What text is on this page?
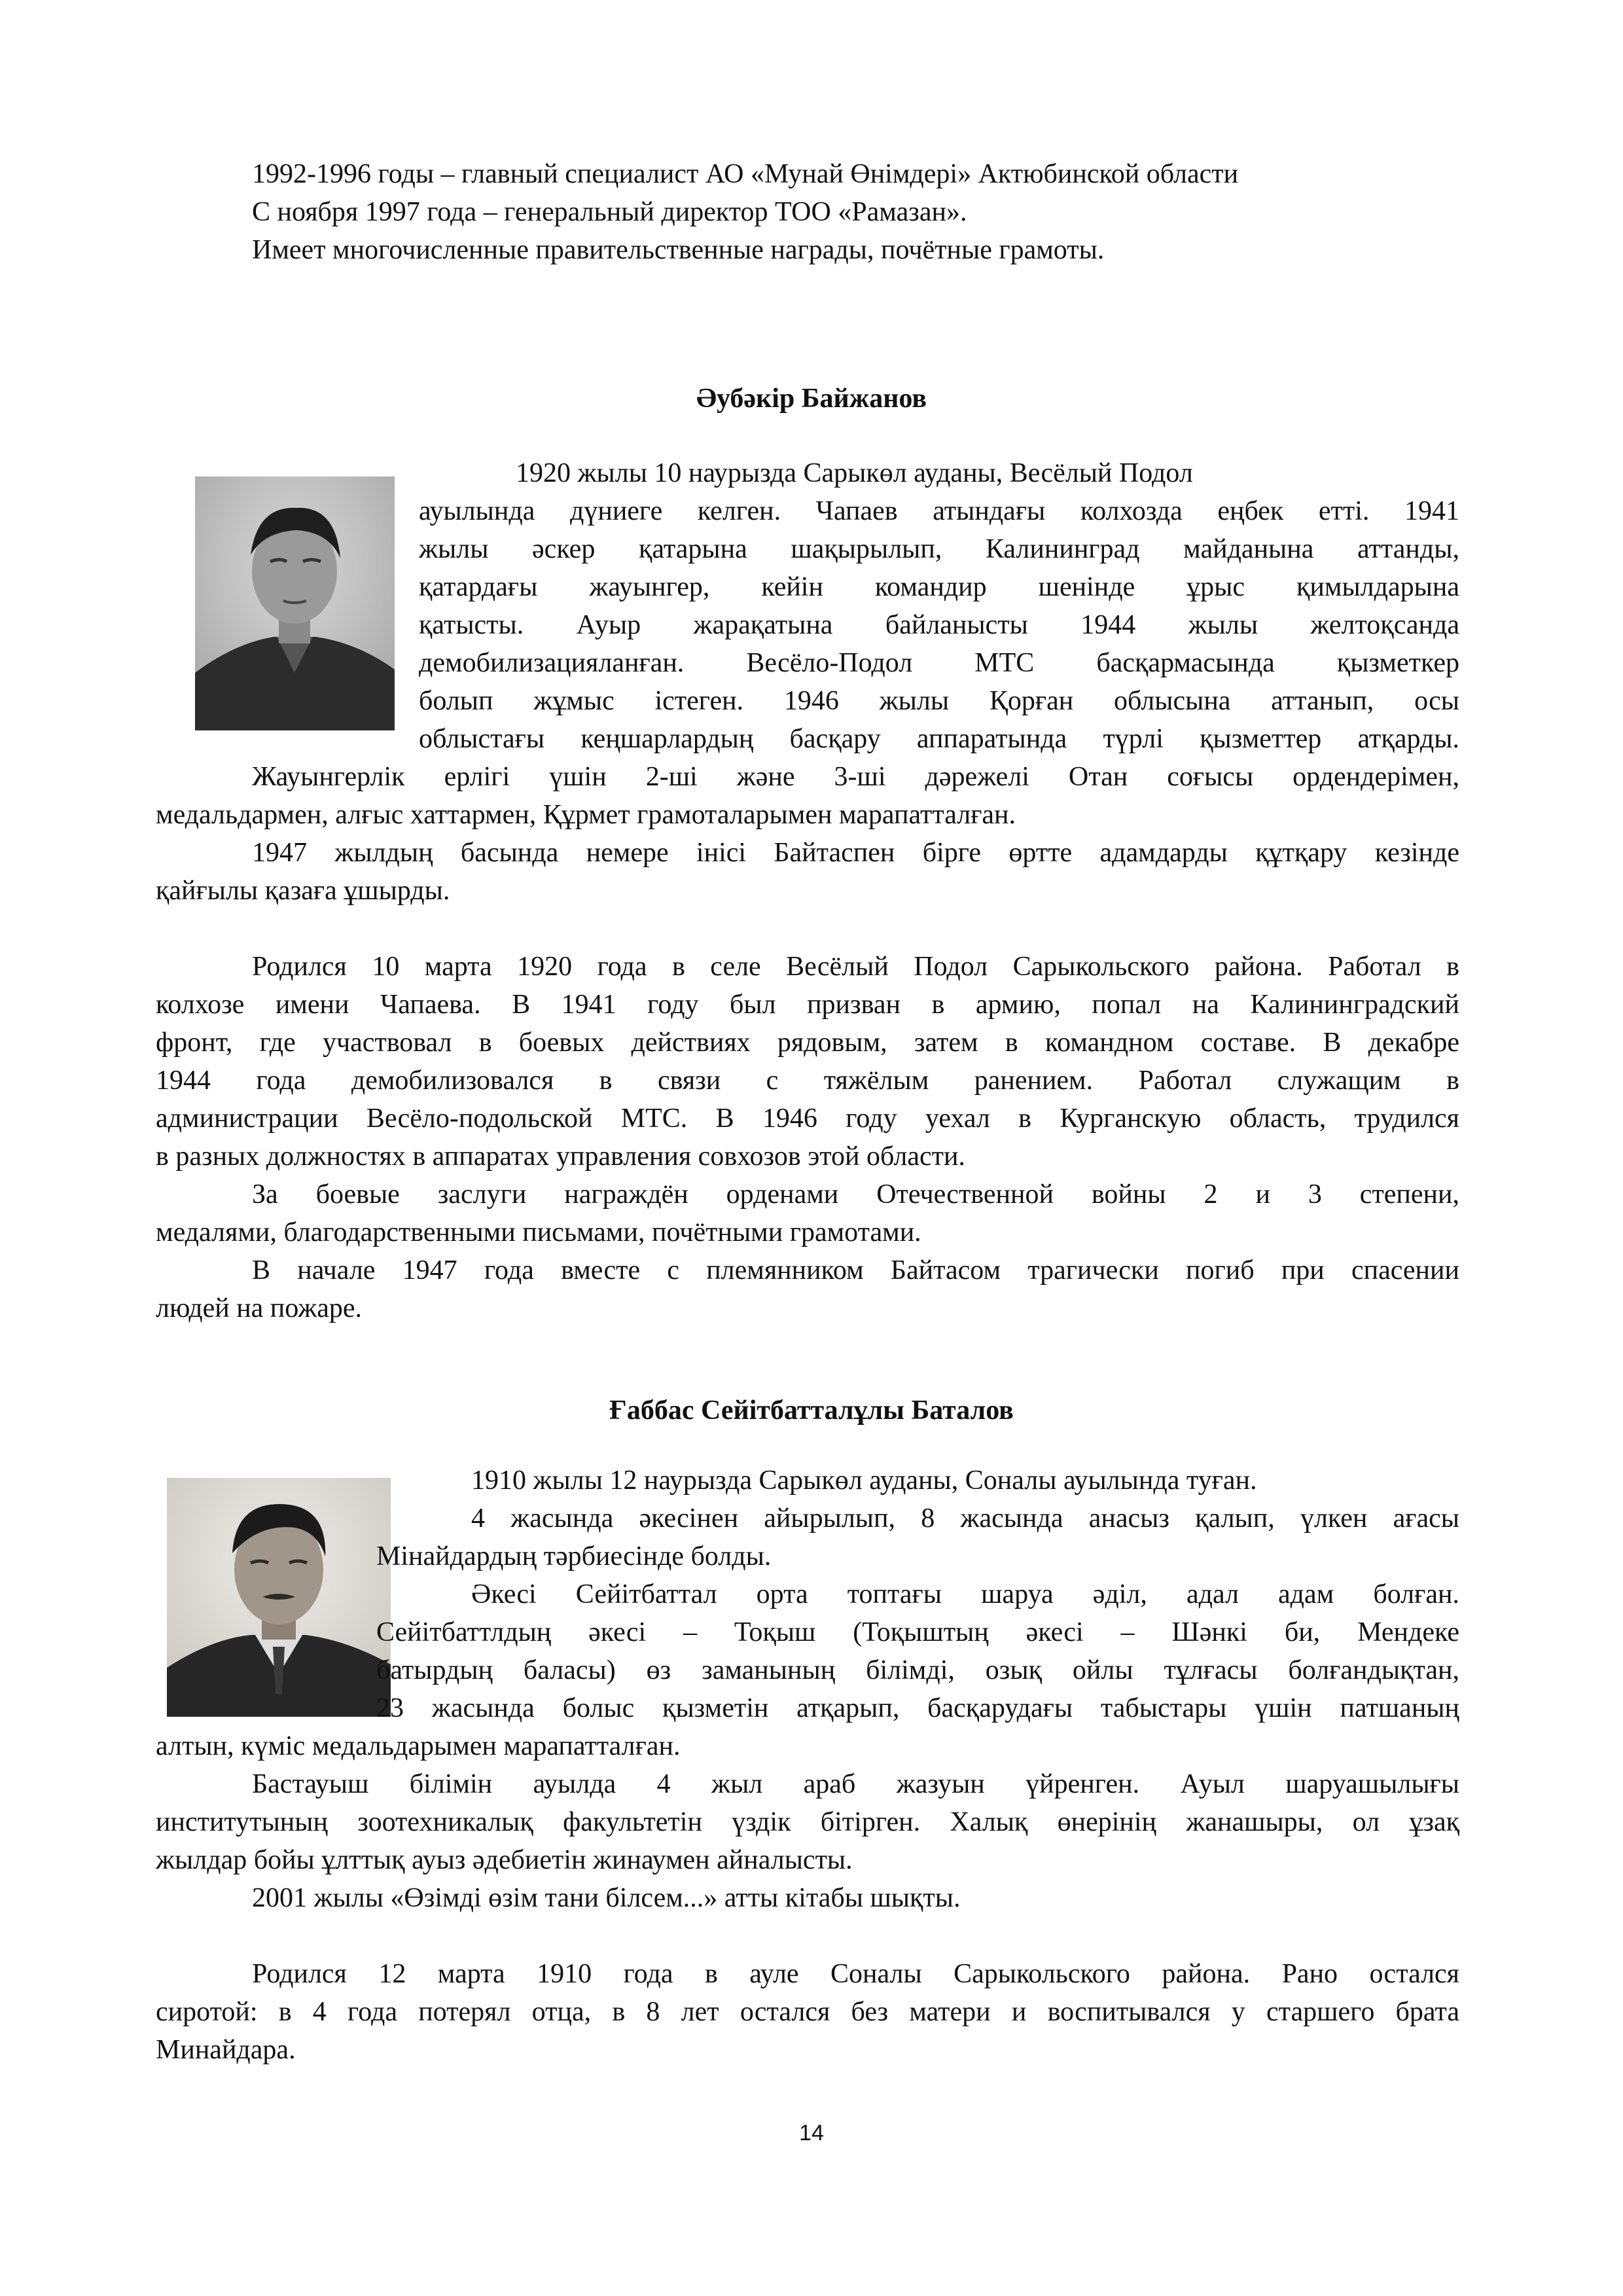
1992-1996 годы – главный специалист АО «Мунай Өнімдері» Актюбинской области
С ноября 1997 года – генеральный директор ТОО «Рамазан».
Имеет многочисленные правительственные награды, почётные грамоты.
Әубәкір Байжанов
1920 жылы 10 наурызда Сарыкөл ауданы, Весёлый Подол
ауылында дүниеге келген. Чапаев атындағы колхозда еңбек етті. 1941
жылы әскер қатарына шақырылып, Калининград майданына аттанды,
қатардағы жауынгер, кейін командир шенінде ұрыс қимылдарына
қатысты. Ауыр жарақатына байланысты 1944 жылы желтоқсанда
демобилизацияланған. Весёло-Подол МТС басқармасында қызметкер
болып жұмыс істеген. 1946 жылы Қорған облысына аттанып, осы
облыстағы кеңшарлардың басқару аппаратында түрлі қызметтер атқарды.
Жауынгерлік ерлігі үшін 2-ші және 3-ші дәрежелі Отан соғысы ордендерімен,
медальдармен, алғыс хаттармен, Құрмет грамоталарымен марапатталған.
1947 жылдың басында немере інісі Байтаспен бірге өртте адамдарды құтқару кезінде
қайғылы қазаға ұшырды.
Родился 10 марта 1920 года в селе Весёлый Подол Сарыкольского района. Работал в
колхозе имени Чапаева. В 1941 году был призван в армию, попал на Калининградский
фронт, где участвовал в боевых действиях рядовым, затем в командном составе. В декабре
1944 года демобилизовался в связи с тяжёлым ранением. Работал служащим в
администрации Весёло-подольской МТС. В 1946 году уехал в Курганскую область, трудился
в разных должностях в аппаратах управления совхозов этой области.
За боевые заслуги награждён орденами Отечественной войны 2 и 3 степени,
медалями, благодарственными письмами, почётными грамотами.
В начале 1947 года вместе с племянником Байтасом трагически погиб при спасении
людей на пожаре.
Ғаббас Сейітбатталұлы Баталов
1910 жылы 12 наурызда Сарыкөл ауданы, Соналы ауылында туған.
4 жасында әкесінен айырылып, 8 жасында анасыз қалып, үлкен ағасы
Мінайдардың тәрбиесінде болды.
Әкесі Сейітбаттал орта топтағы шаруа әділ, адал адам болған.
Сейітбаттлдың әкесі – Тоқыш (Тоқыштың әкесі – Шәнкі би, Мендеке
батырдың баласы) өз заманының білімді, озық ойлы тұлғасы болғандықтан,
23 жасында болыс қызметін атқарып, басқарудағы табыстары үшін патшаның
алтын, күміс медальдарымен марапатталған.
Бастауыш білімін ауылда 4 жыл араб жазуын үйренген. Ауыл шаруашылығы
институтының зоотехникалық факультетін үздік бітірген. Халық өнерінің жанашыры, ол ұзақ
жылдар бойы ұлттық ауыз әдебиетін жинаумен айналысты.
2001 жылы «Өзімді өзім тани білсем...» атты кітабы шықты.
Родился 12 марта 1910 года в ауле Соналы Сарыкольского района. Рано остался
сиротой: в 4 года потерял отца, в 8 лет остался без матери и воспитывался у старшего брата
Минайдара.
14
